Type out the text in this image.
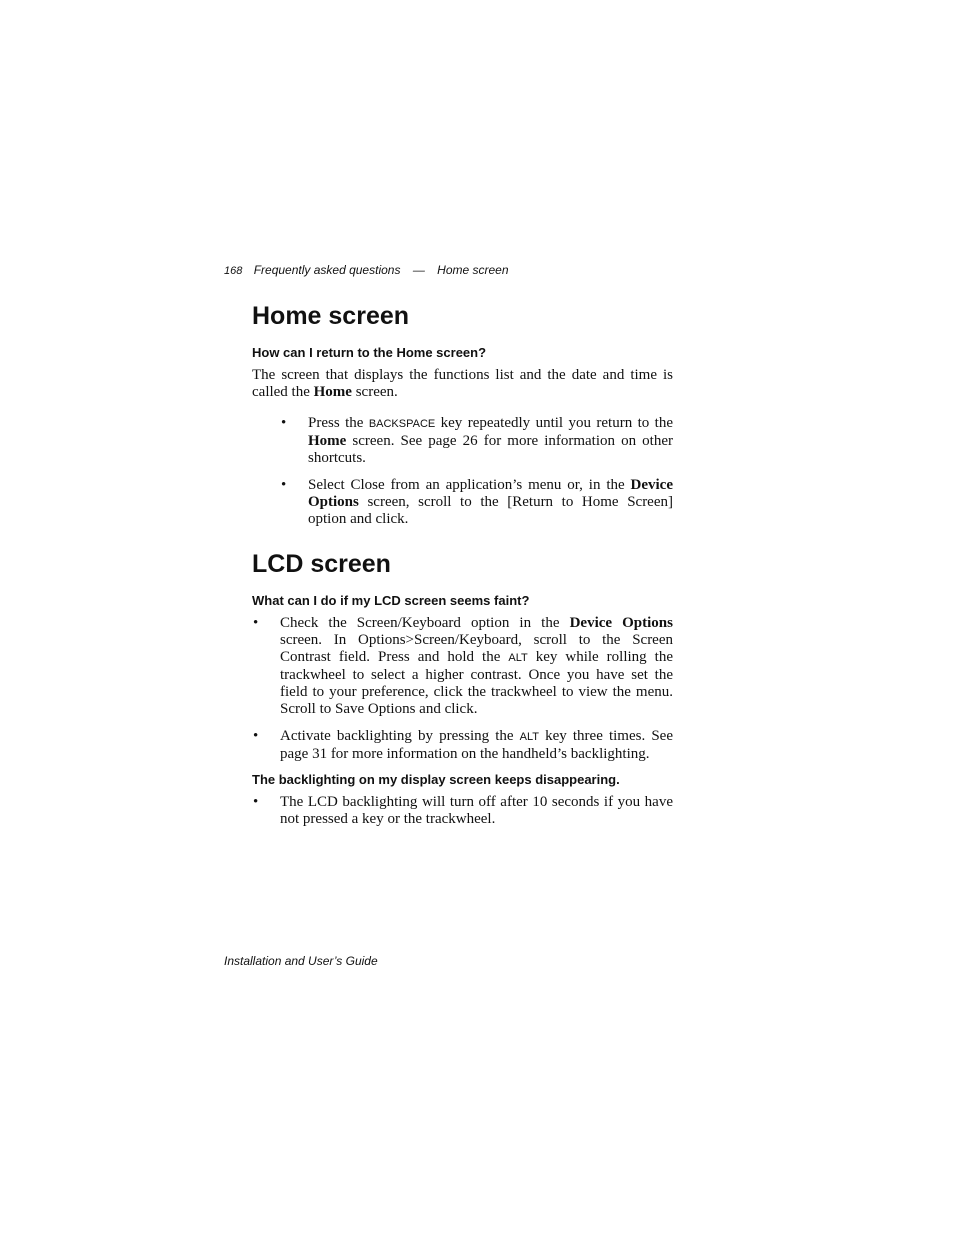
168 Frequently asked questions — Home screen
Home screen
How can I return to the Home screen?

The screen that displays the functions list and the date and time is called the Home screen.

• Press the BACKSPACE key repeatedly until you return to the Home screen. See page 26 for more information on other shortcuts.
• Select Close from an application’s menu or, in the Device Options screen, scroll to the [Return to Home Screen] option and click.
LCD screen
What can I do if my LCD screen seems faint?
• Check the Screen/Keyboard option in the Device Options screen. In Options>Screen/Keyboard, scroll to the Screen Contrast field. Press and hold the ALT key while rolling the trackwheel to select a higher contrast. Once you have set the field to your preference, click the trackwheel to view the menu. Scroll to Save Options and click.
• Activate backlighting by pressing the ALT key three times. See page 31 for more information on the handheld’s backlighting.
The backlighting on my display screen keeps disappearing.
• The LCD backlighting will turn off after 10 seconds if you have not pressed a key or the trackwheel.
Installation and User’s Guide
